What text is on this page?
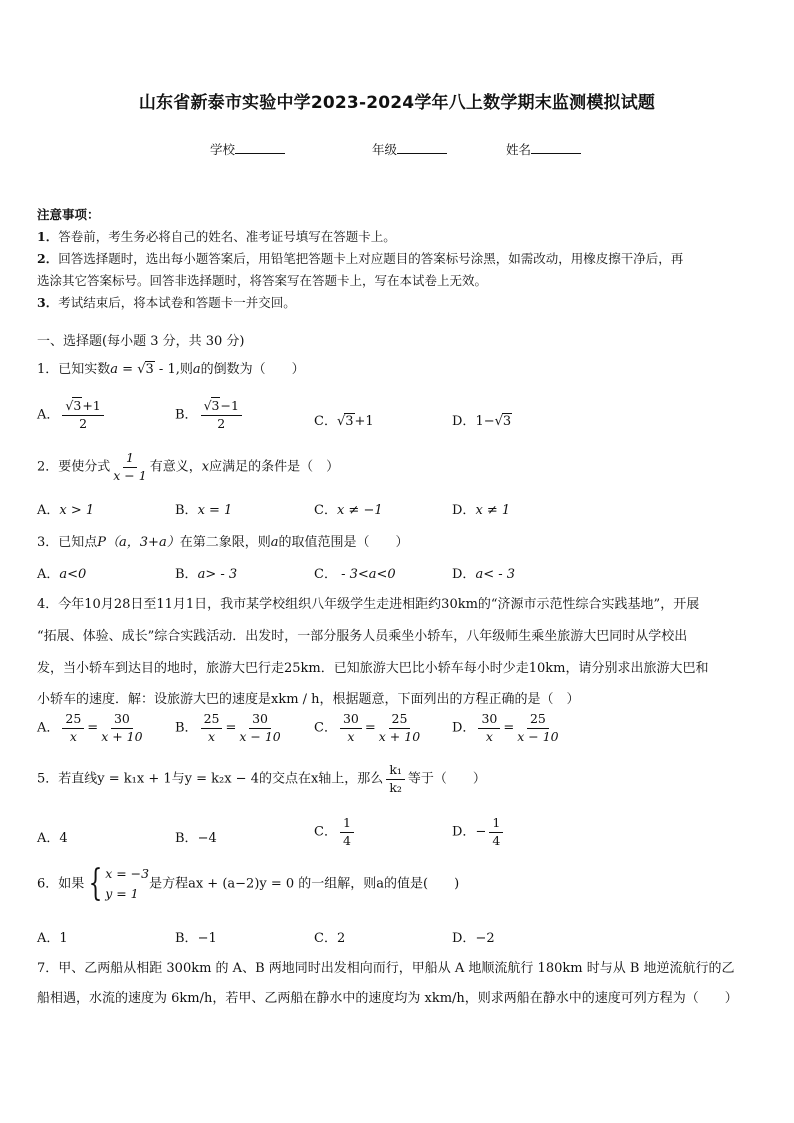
山东省新泰市实验中学2023-2024学年八上数学期末监测模拟试题
学校	年级	姓名
注意事项：
1．答卷前，考生务必将自己的姓名、准考证号填写在答题卡上。
2．回答选择题时，选出每小题答案后，用铅笔把答题卡上对应题目的答案标号涂黑，如需改动，用橡皮擦干净后，再
选涂其它答案标号。回答非选择题时，将答案写在答题卡上，写在本试卷上无效。
3．考试结束后，将本试卷和答题卡一并交回。
一、选择题(每小题 3 分，共 30 分)
1．已知实数a = √3 - 1,则a的倒数为（　　）
A． $\frac{√3+1}{2}$	B． $\frac{√3-1}{2}$	C．√3+1	D．1−√3
2．要使分式 $\frac{1}{x - 1}$ 有意义，x应满足的条件是（　）
A．x > 1	B．x = 1	C．x ≠ −1	D．x ≠ 1
3．已知点P（a，3+a）在第二象限，则a的取值范围是（　　）
A．a<0	B．a> - 3	C． - 3<a<0	D．a< - 3
4．今年10月28日至11月1日，我市某学校组织八年级学生走进相距约30km的“济源市示范性综合实践基地”，开展
“拓展、体验、成长”综合实践活动．出发时，一部分服务人员乘坐小轿车，八年级师生乘坐旅游大巴同时从学校出
发，当小轿车到达目的地时，旅游大巴行走25km．已知旅游大巴比小轿车每小时少走10km，请分别求出旅游大巴和
小轿车的速度．解：设旅游大巴的速度是xkm / h，根据题意，下面列出的方程正确的是（　）
A． $\frac{25}{x} = \frac{30}{x + 10}$ B． $\frac{25}{x} = \frac{30}{x - 10}$	C． $\frac{30}{x} = \frac{25}{x + 10}$ D． $\frac{30}{x} = \frac{25}{x - 10}$
5．若直线y = k₁x + 1与y = k₂x − 4的交点在x轴上，那么 $\frac{\text{k₁}}{\text{k₂}}$ 等于（　　）
A．4	B．−4	C． $\frac{1}{4}$	D．− $\frac{1}{4}$
6．如果 { x = −3
y = 1
是方程ax + (a−2)y = 0 的一组解，则a的值是(　　)
A．1	B．−1	C．2	D．−2
7．甲、乙两船从相距 300km 的 A、B 两地同时出发相向而行，甲船从 A 地顺流航行 180km 时与从 B 地逆流航行的乙
船相遇，水流的速度为 6km/h，若甲、乙两船在静水中的速度均为 xkm/h，则求两船在静水中的速度可列方程为（　　）
